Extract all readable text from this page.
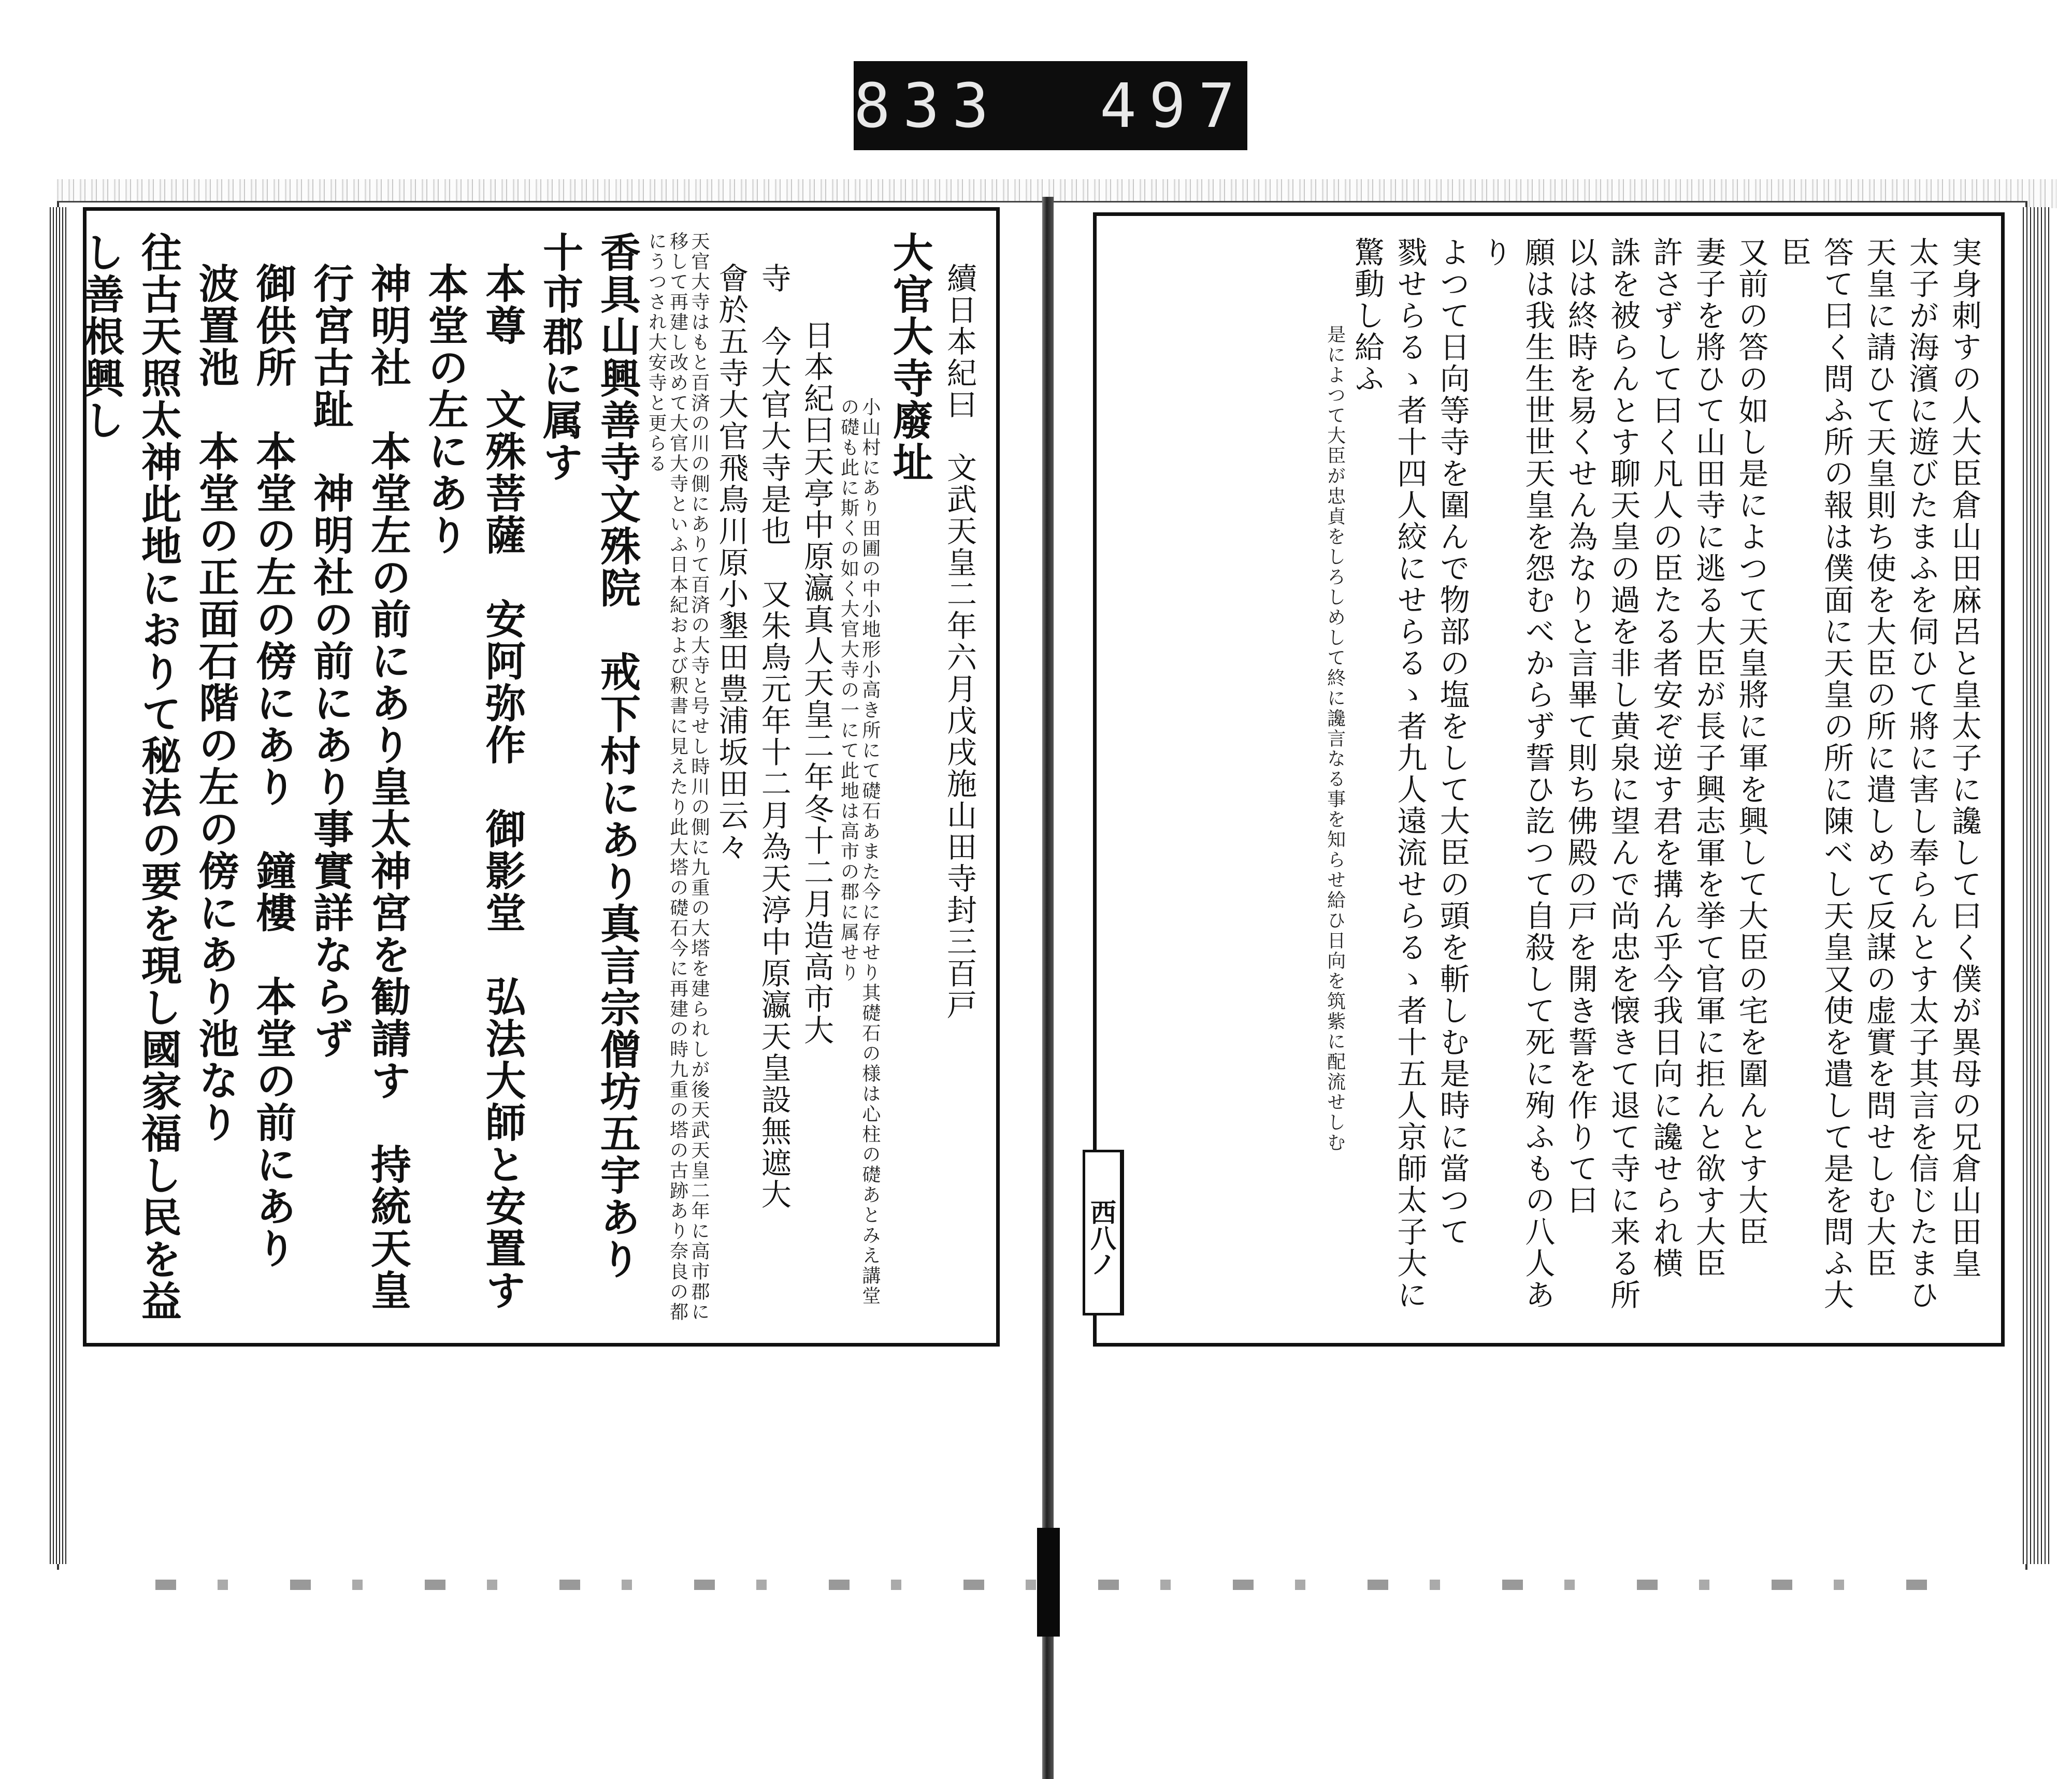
833  497
續日本紀曰　文武天皇二年六月戊戌施山田寺封三百戸
大官大寺廢址
小山村にあり田圃の中小地形小高き所にて礎石あまた今に存せり其礎石の様は心柱の礎あとみえ講堂の礎も此に斯くの如く大官大寺の一にて此地は高市の郡に属せり
日本紀曰天亭中原瀛真人天皇二年冬十二月造高市大
寺　今大官大寺是也　又朱鳥元年十二月為天渟中原瀛天皇設無遮大
會於五寺大官飛鳥川原小墾田豊浦坂田云々
天官大寺はもと百済の川の側にありて百済の大寺と号せし時川の側に九重の大塔を建られしが後天武天皇二年に高市郡に移して再建し改めて大官大寺といふ日本紀および釈書に見えたり此大塔の礎石今に再建の時九重の塔の古跡あり奈良の都にうつされ大安寺と更らる
香具山興善寺文殊院　戒下村にあり真言宗僧坊五宇あり　十市郡に属す
本尊　文殊菩薩　安阿弥作　御影堂　弘法大師と安置す本堂の左にあり
神明社　本堂左の前にあり皇太神宮を勧請す　持統天皇行宮古趾　神明社の前にあり事實詳ならず
御供所　本堂の左の傍にあり　鐘樓　本堂の前にあり　波置池　本堂の正面石階の左の傍にあり池なり
往古天照太神此地におりて秘法の要を現し國家福し民を益し善根興し	実身刺すの人大臣倉山田麻呂と皇太子に讒して曰く僕が異母の兄倉山田皇
太子が海濱に遊びたまふを伺ひて將に害し奉らんとす太子其言を信じたまひ
天皇に請ひて天皇則ち使を大臣の所に遣しめて反謀の虚實を問せしむ大臣
答て曰く問ふ所の報は僕面に天皇の所に陳べし天皇又使を遣して是を問ふ大臣
又前の答の如し是によつて天皇將に軍を興して大臣の宅を圍んとす大臣
妻子を將ひて山田寺に逃る大臣が長子興志軍を挙て官軍に拒んと欲す大臣
許さずして曰く凡人の臣たる者安ぞ逆す君を搆ん乎今我日向に讒せられ横
誅を被らんとす聊天皇の過を非し黄泉に望んで尚忠を懐きて退て寺に来る所
以は終時を易くせん為なりと言畢て則ち佛殿の戸を開き誓を作りて曰
願は我生生世世天皇を怨むべからず誓ひ訖つて自殺して死に殉ふもの八人あり
よつて日向等寺を圍んで物部の塩をして大臣の頭を斬しむ是時に當つて
戮せらるゝ者十四人絞にせらるゝ者九人遠流せらるゝ者十五人京師太子大に
驚動し給ふ
是によつて大臣が忠貞をしろしめして終に讒言なる事を知らせ給ひ日向を筑紫に配流せしむ
西八ノ
